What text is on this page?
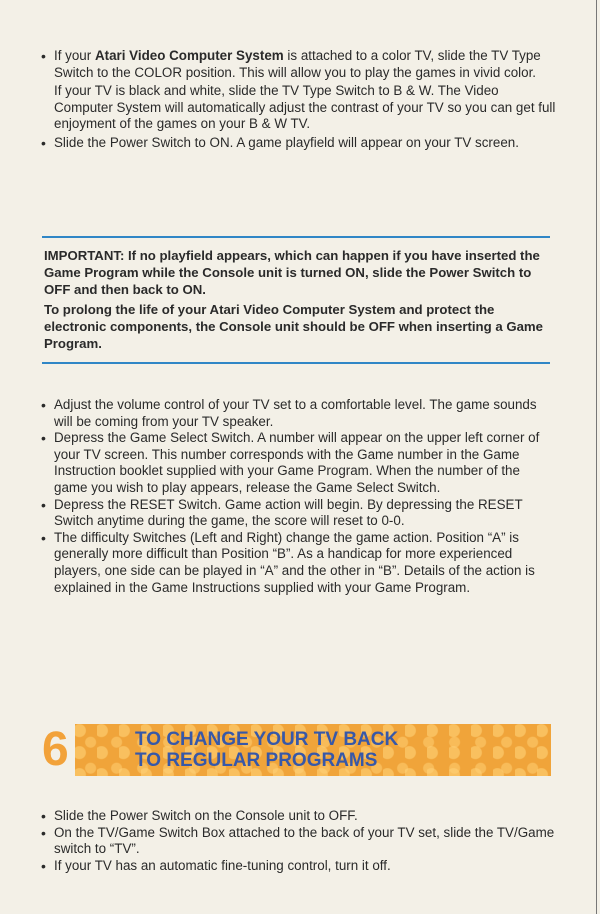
• If your Atari Video Computer System is attached to a color TV, slide the TV Type Switch to the COLOR position. This will allow you to play the games in vivid color.
If your TV is black and white, slide the TV Type Switch to B & W. The Video Computer System will automatically adjust the contrast of your TV so you can get full enjoyment of the games on your B & W TV.
• Slide the Power Switch to ON. A game playfield will appear on your TV screen.
IMPORTANT: If no playfield appears, which can happen if you have inserted the Game Program while the Console unit is turned ON, slide the Power Switch to OFF and then back to ON.
To prolong the life of your Atari Video Computer System and protect the electronic components, the Console unit should be OFF when inserting a Game Program.
• Adjust the volume control of your TV set to a comfortable level. The game sounds will be coming from your TV speaker.
• Depress the Game Select Switch. A number will appear on the upper left corner of your TV screen. This number corresponds with the Game number in the Game Instruction booklet supplied with your Game Program. When the number of the game you wish to play appears, release the Game Select Switch.
• Depress the RESET Switch. Game action will begin. By depressing the RESET Switch anytime during the game, the score will reset to 0-0.
• The difficulty Switches (Left and Right) change the game action. Position “A” is generally more difficult than Position “B”. As a handicap for more experienced players, one side can be played in “A” and the other in “B”. Details of the action is explained in the Game Instructions supplied with your Game Program.
6	TO CHANGE YOUR TV BACK
TO REGULAR PROGRAMS
• Slide the Power Switch on the Console unit to OFF.
• On the TV/Game Switch Box attached to the back of your TV set, slide the TV/Game switch to “TV”.
• If your TV has an automatic fine-tuning control, turn it off.
